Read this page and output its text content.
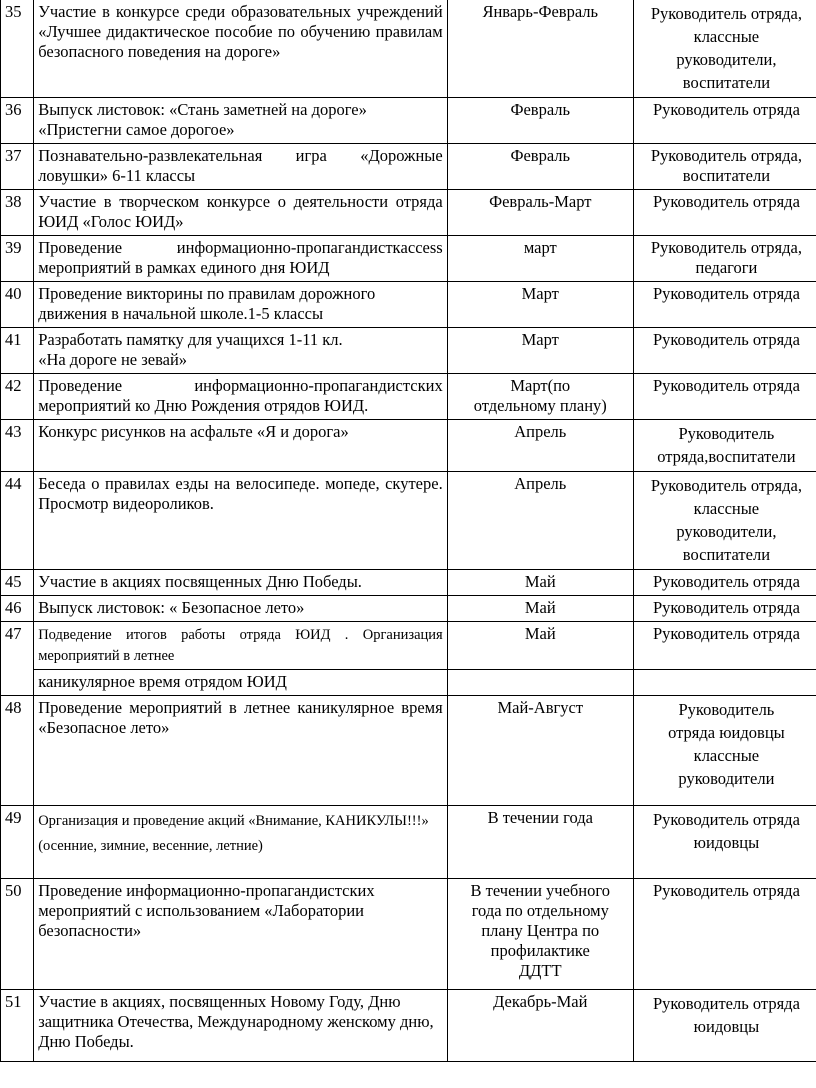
35	Участие в конкурсе среди образовательных учреждений «Лучшее дидактическое пособие по обучению правилам безопасного поведения на дороге»	Январь-Февраль	Руководитель отряда,
классные
руководители,
воспитатели
36	Выпуск листовок: «Стань заметней на дороге»
«Пристегни самое дорогое»	Февраль	Руководитель отряда
37	Познавательно-развлекательная игра «Дорожные ловушки» 6-11 классы	Февраль	Руководитель отряда,
воспитатели
38	Участие в творческом конкурсе о деятельности отряда ЮИД «Голос ЮИД»	Февраль-Март	Руководитель отряда
39	Проведение информационно-пропагандисткaccess мероприятий в рамках единого дня ЮИД	март	Руководитель отряда,
педагоги
40	Проведение викторины по правилам дорожного
движения в начальной школе.1-5 классы	Март	Руководитель отряда
41	Разработать памятку для учащихся 1-11 кл.
«На дороге не зевай»	Март	Руководитель отряда
42	Проведение информационно-пропагандистских мероприятий ко Дню Рождения отрядов ЮИД.	Март(по
отдельному плану)	Руководитель отряда
43	Конкурс рисунков на асфальте «Я и дорога»	Апрель	Руководитель
отряда,воспитатели
44	Беседа о правилах езды на велосипеде. мопеде, скутере. Просмотр видеороликов.	Апрель	Руководитель отряда,
классные
руководители,
воспитатели
45	Участие в акциях посвященных Дню Победы.	Май	Руководитель отряда
46	Выпуск листовок: « Безопасное лето»	Май	Руководитель отряда
47	Подведение итогов работы отряда ЮИД . Организация мероприятий в летнее	Май	Руководитель отряда
	каникулярное время отрядом ЮИД		
48	Проведение мероприятий в летнее каникулярное время «Безопасное лето»	Май-Август	Руководитель
отряда юидовцы
классные
руководители
49	Организация и проведение акций «Внимание, КАНИКУЛЫ!!!» (осенние, зимние, весенние, летние)	В течении года	Руководитель отряда
юидовцы
50	Проведение информационно-пропагандистских мероприятий с использованием «Лаборатории безопасности»	В течении учебного
года по отдельному
плану Центра по
профилактике
ДДТТ	Руководитель отряда
51	Участие в акциях, посвященных Новому Году, Дню защитника Отечества, Международному женскому дню, Дню Победы.	Декабрь-Май	Руководитель отряда
юидовцы
